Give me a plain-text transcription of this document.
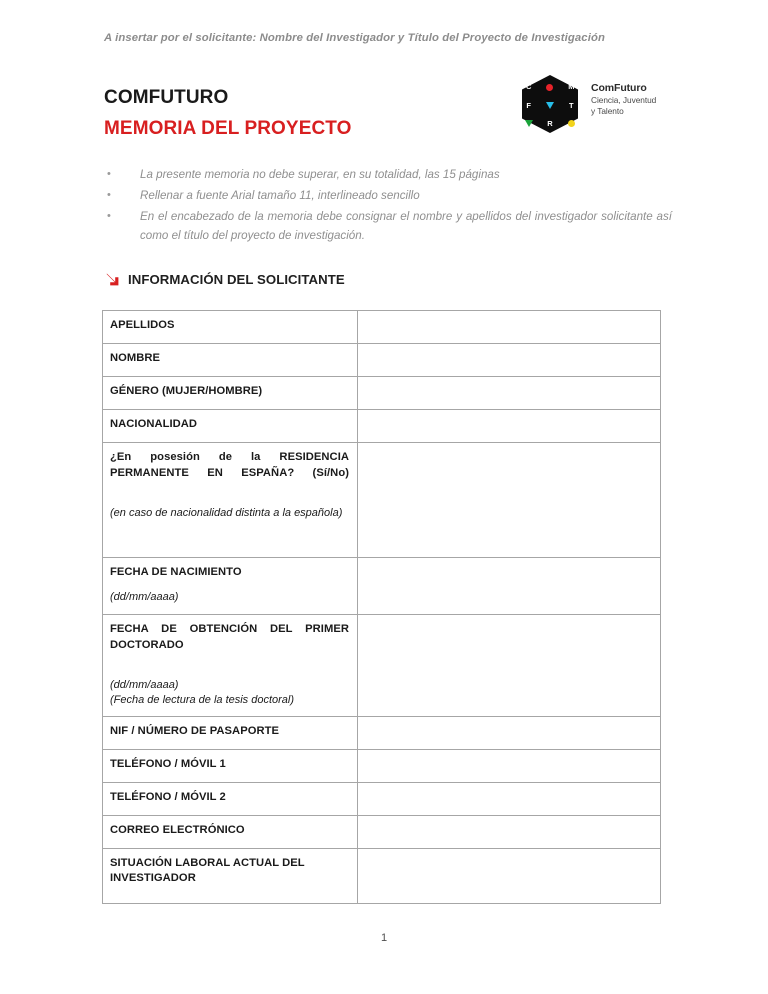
A insertar por el solicitante: Nombre del Investigador y Título del Proyecto de Investigación
COMFUTURO
MEMORIA DEL PROYECTO
C	M
F	T
R
ComFuturo
Ciencia, Juventud
y Talento
•	La presente memoria no debe superar, en su totalidad, las 15 páginas
•	Rellenar a fuente Arial tamaño 11, interlineado sencillo
•	En el encabezado de la memoria debe consignar el nombre y apellidos del investigador solicitante así como el título del proyecto de investigación.
INFORMACIÓN DEL SOLICITANTE
APELLIDOS	

NOMBRE	

GÉNERO (MUJER/HOMBRE)	

NACIONALIDAD	

¿En posesión de la RESIDENCIA PERMANENTE EN ESPAÑA? (Sí/No)
(en caso de nacionalidad distinta a la española)	

FECHA DE NACIMIENTO
(dd/mm/aaaa)	

FECHA DE OBTENCIÓN DEL PRIMER DOCTORADO
(dd/mm/aaaa)
(Fecha de lectura de la tesis doctoral)	

NIF / NÚMERO DE PASAPORTE	

TELÉFONO / MÓVIL 1	

TELÉFONO / MÓVIL 2	

CORREO ELECTRÓNICO	

SITUACIÓN LABORAL ACTUAL DEL INVESTIGADOR	

1
